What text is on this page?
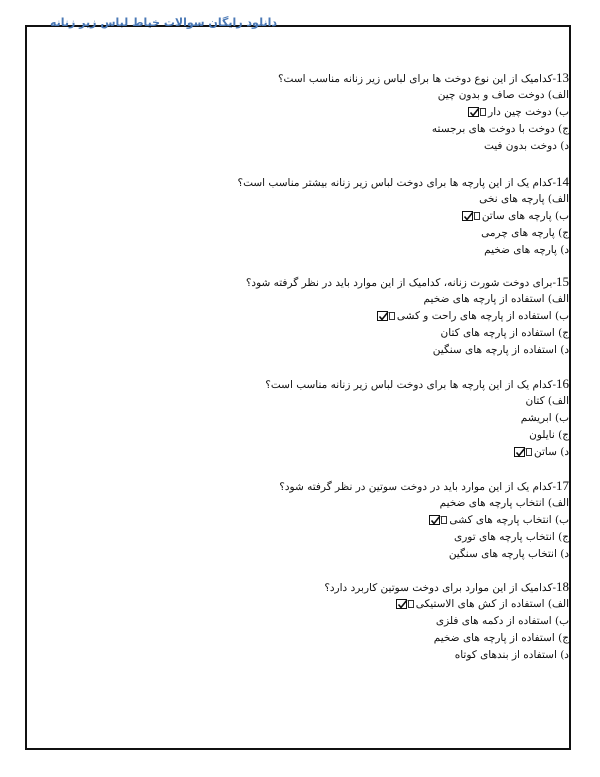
دانلود رایگان سوالات خیاط لباس زیر زنانه
13-کدامیک از این نوع دوخت ها برای لباس زیر زنانه مناسب است؟
الف) دوخت صاف و بدون چین
ب) دوخت چین دار
ج) دوخت با دوخت های برجسته
د) دوخت بدون فیت
14-کدام یک از این پارچه ها برای دوخت لباس زیر زنانه بیشتر مناسب است؟
الف) پارچه های نخی
ب) پارچه های ساتن
ج) پارچه های چرمی
د) پارچه های ضخیم
15-برای دوخت شورت زنانه، کدامیک از این موارد باید در نظر گرفته شود؟
الف) استفاده از پارچه های ضخیم
ب) استفاده از پارچه های راحت و کشی
ج) استفاده از پارچه های کتان
د) استفاده از پارچه های سنگین
16-کدام یک از این پارچه ها برای دوخت لباس زیر زنانه مناسب است؟
الف) کتان
ب) ابریشم
ج) نایلون
د) ساتن
17-کدام یک از این موارد باید در دوخت سوتین در نظر گرفته شود؟
الف) انتخاب پارچه های ضخیم
ب) انتخاب پارچه های کشی
ج) انتخاب پارچه های توری
د) انتخاب پارچه های سنگین
18-کدامیک از این موارد برای دوخت سوتین کاربرد دارد؟
الف) استفاده از کش های الاستیکی
ب) استفاده از دکمه های فلزی
ج) استفاده از پارچه های ضخیم
د) استفاده از بندهای کوتاه
